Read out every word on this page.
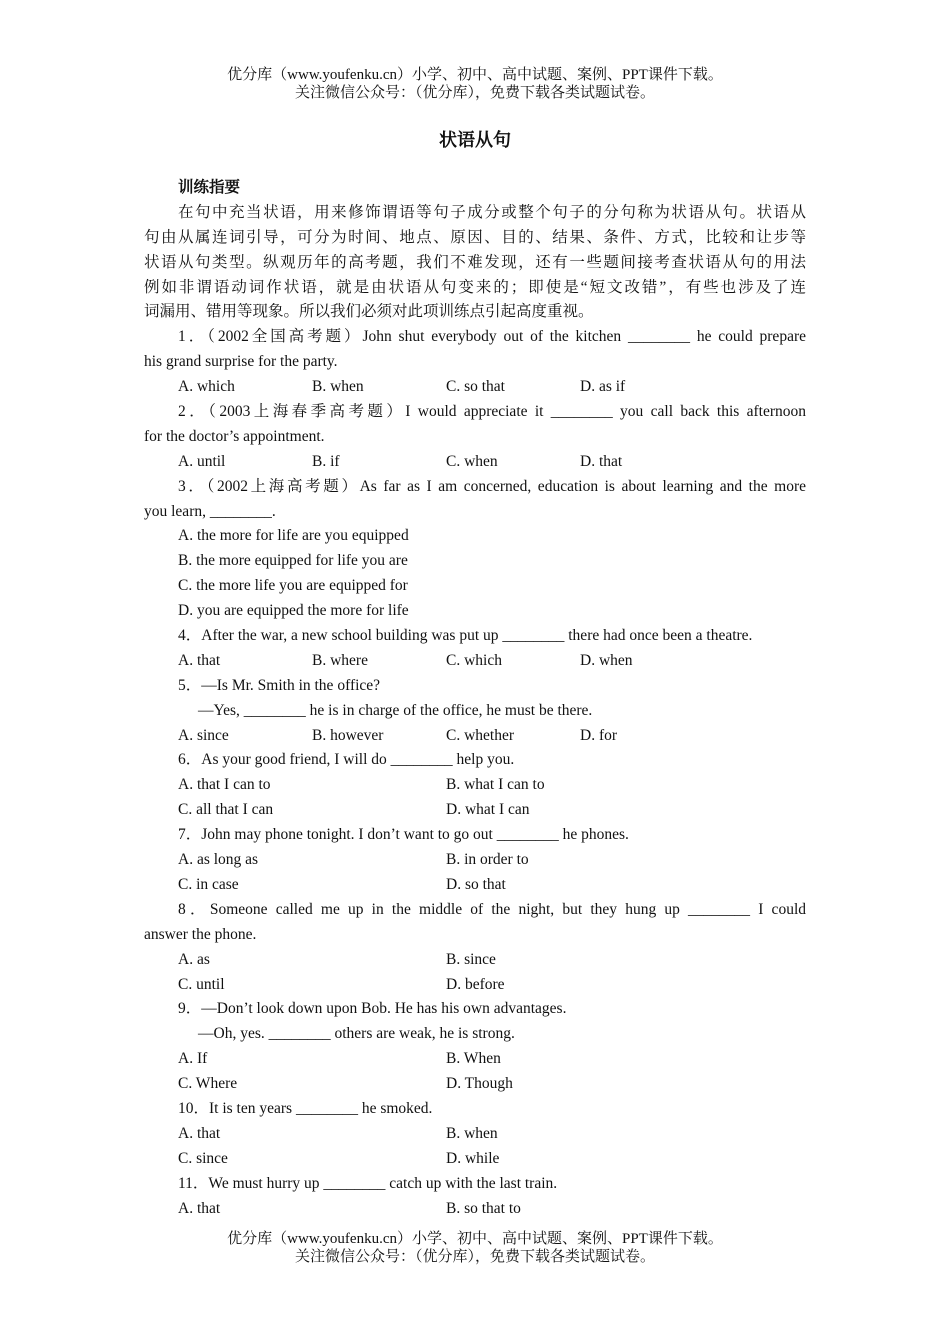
优分库（www.youfenku.cn）小学、初中、高中试题、案例、PPT课件下载。
关注微信公众号：（优分库），免费下载各类试题试卷。
状语从句
训练指要
在句中充当状语，用来修饰谓语等句子成分或整个句子的分句称为状语从句。状语从
句由从属连词引导，可分为时间、地点、原因、目的、结果、条件、方式，比较和让步等
状语从句类型。纵观历年的高考题，我们不难发现，还有一些题间接考查状语从句的用法
例如非谓语动词作状语，就是由状语从句变来的；即使是“短文改错”，有些也涉及了连
词漏用、错用等现象。所以我们必须对此项训练点引起高度重视。
1．（2002全国高考题）John shut everybody out of the kitchen ________ he could prepare
his grand surprise for the party.
A. which	B. when	C. so that	D. as if
2．（2003上海春季高考题）I would appreciate it ________ you call back this afternoon
for the doctor’s appointment.
A. until	B. if	C. when	D. that
3．（2002上海高考题）As far as I am concerned, education is about learning and the more
you learn, ________.
A. the more for life are you equipped
B. the more equipped for life you are
C. the more life you are equipped for
D. you are equipped the more for life
4．After the war, a new school building was put up ________ there had once been a theatre.
A. that	B. where	C. which	D. when
5．—Is Mr. Smith in the office?
—Yes, ________ he is in charge of the office, he must be there.
A. since	B. however	C. whether	D. for
6．As your good friend, I will do ________ help you.
A. that I can to	B. what I can to
C. all that I can	D. what I can
7．John may phone tonight. I don’t want to go out ________ he phones.
A. as long as	B. in order to
C. in case	D. so that
8．Someone called me up in the middle of the night, but they hung up ________ I could
answer the phone.
A. as	B. since
C. until	D. before
9．—Don’t look down upon Bob. He has his own advantages.
—Oh, yes. ________ others are weak, he is strong.
A. If	B. When
C. Where	D. Though
10．It is ten years ________ he smoked.
A. that	B. when
C. since	D. while
11．We must hurry up ________ catch up with the last train.
A. that	B. so that to
优分库（www.youfenku.cn）小学、初中、高中试题、案例、PPT课件下载。
关注微信公众号：（优分库），免费下载各类试题试卷。
